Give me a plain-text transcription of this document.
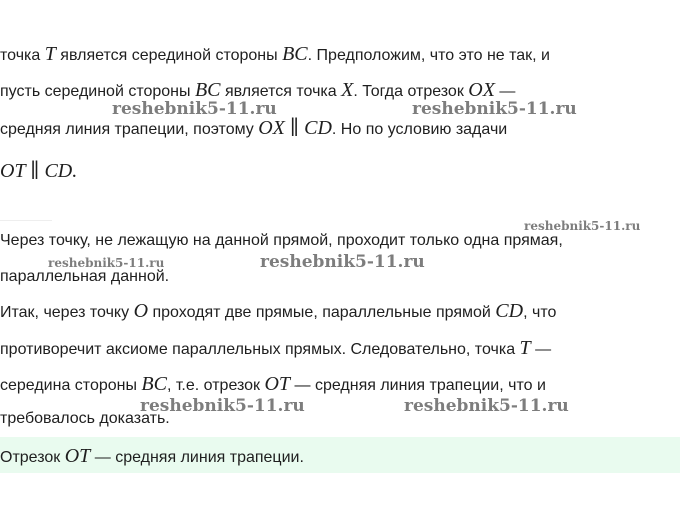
точка T является серединой стороны BC. Предположим, что это не так, и
пусть серединой стороны BC является точка X. Тогда отрезок OX —
средняя линия трапеции, поэтому OX ∥ CD. Но по условию задачи
OT ∥ CD.
Через точку, не лежащую на данной прямой, проходит только одна прямая,
параллельная данной.
Итак, через точку O проходят две прямые, параллельные прямой CD, что
противоречит аксиоме параллельных прямых. Следовательно, точка T —
середина стороны BC, т.е. отрезок OT — средняя линия трапеции, что и
требовалось доказать.
Отрезок OT — средняя линия трапеции.
reshebnik5-11.ru	reshebnik5-11.ru
reshebnik5-11.ru
reshebnik5-11.ru	reshebnik5-11.ru
reshebnik5-11.ru	reshebnik5-11.ru
